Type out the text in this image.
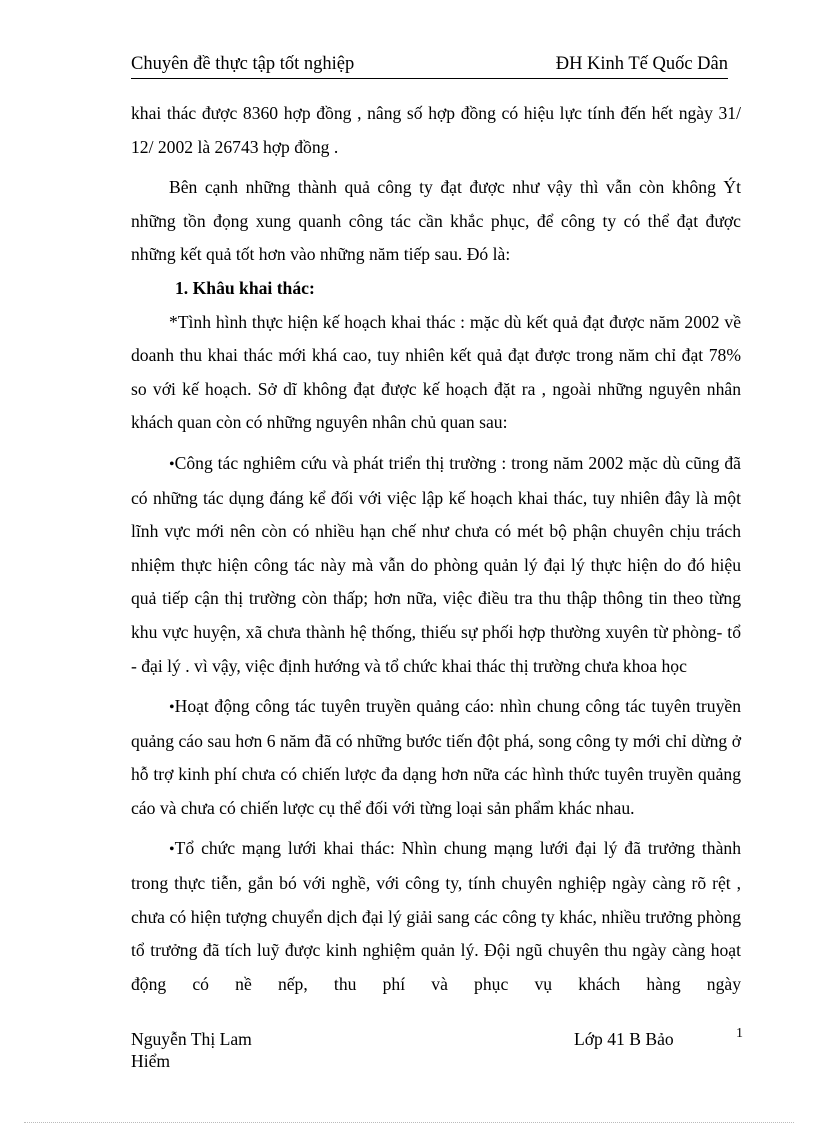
Chuyên đề thực tập tốt nghiệp	ĐH Kinh Tế Quốc Dân

khai thác được 8360 hợp đồng , nâng số hợp đồng có hiệu lực tính đến hết ngày 31/ 12/ 2002 là 26743 hợp đồng .

Bên cạnh những thành quả công ty đạt được như vậy thì vẫn còn không Ýt những tồn đọng xung quanh công tác cần khắc phục, để công ty có thể đạt được những kết quả tốt hơn vào những năm tiếp sau. Đó là:

1. Khâu khai thác:

*Tình hình thực hiện kế hoạch khai thác : mặc dù kết quả đạt được năm 2002 về doanh thu khai thác mới khá cao, tuy nhiên kết quả đạt được trong năm chỉ đạt 78% so với kế hoạch. Sở dĩ không đạt được kế hoạch đặt ra , ngoài những nguyên nhân khách quan còn có những nguyên nhân chủ quan sau:

•Công tác nghiêm cứu và phát triển thị trường : trong năm 2002 mặc dù cũng đã có những tác dụng đáng kể đối với việc lập kế hoạch khai thác, tuy nhiên đây là một lĩnh vực mới nên còn có nhiều hạn chế như chưa có mét bộ phận chuyên chịu trách nhiệm thực hiện công tác này mà vẫn do phòng quản lý đại lý thực hiện do đó hiệu quả tiếp cận thị trường còn thấp; hơn nữa, việc điều tra thu thập thông tin theo từng khu vực huyện, xã chưa thành hệ thống, thiếu sự phối hợp thường xuyên từ phòng- tổ - đại lý . vì vậy, việc định hướng và tổ chức khai thác thị trường chưa khoa học

•Hoạt động công tác tuyên truyền quảng cáo: nhìn chung công tác tuyên truyền quảng cáo sau hơn 6 năm đã có những bước tiến đột phá, song công ty mới chỉ dừng ở hỗ trợ kinh phí chưa có chiến lược đa dạng hơn nữa các hình thức tuyên truyền quảng cáo và chưa có chiến lược cụ thể đối với từng loại sản phẩm khác nhau.

•Tổ chức mạng lưới khai thác: Nhìn chung mạng lưới đại lý đã trưởng thành trong thực tiễn, gắn bó với nghề, với công ty, tính chuyên nghiệp ngày càng rõ rệt , chưa có hiện tượng chuyển dịch đại lý giải sang các công ty khác, nhiều trưởng phòng tổ trưởng đã tích luỹ được kinh nghiệm quản lý. Đội ngũ chuyên thu ngày càng hoạt động có nề nếp, thu phí và phục vụ khách hàng ngày

Nguyễn Thị Lam
Hiểm
Lớp 41 B Bảo	1
